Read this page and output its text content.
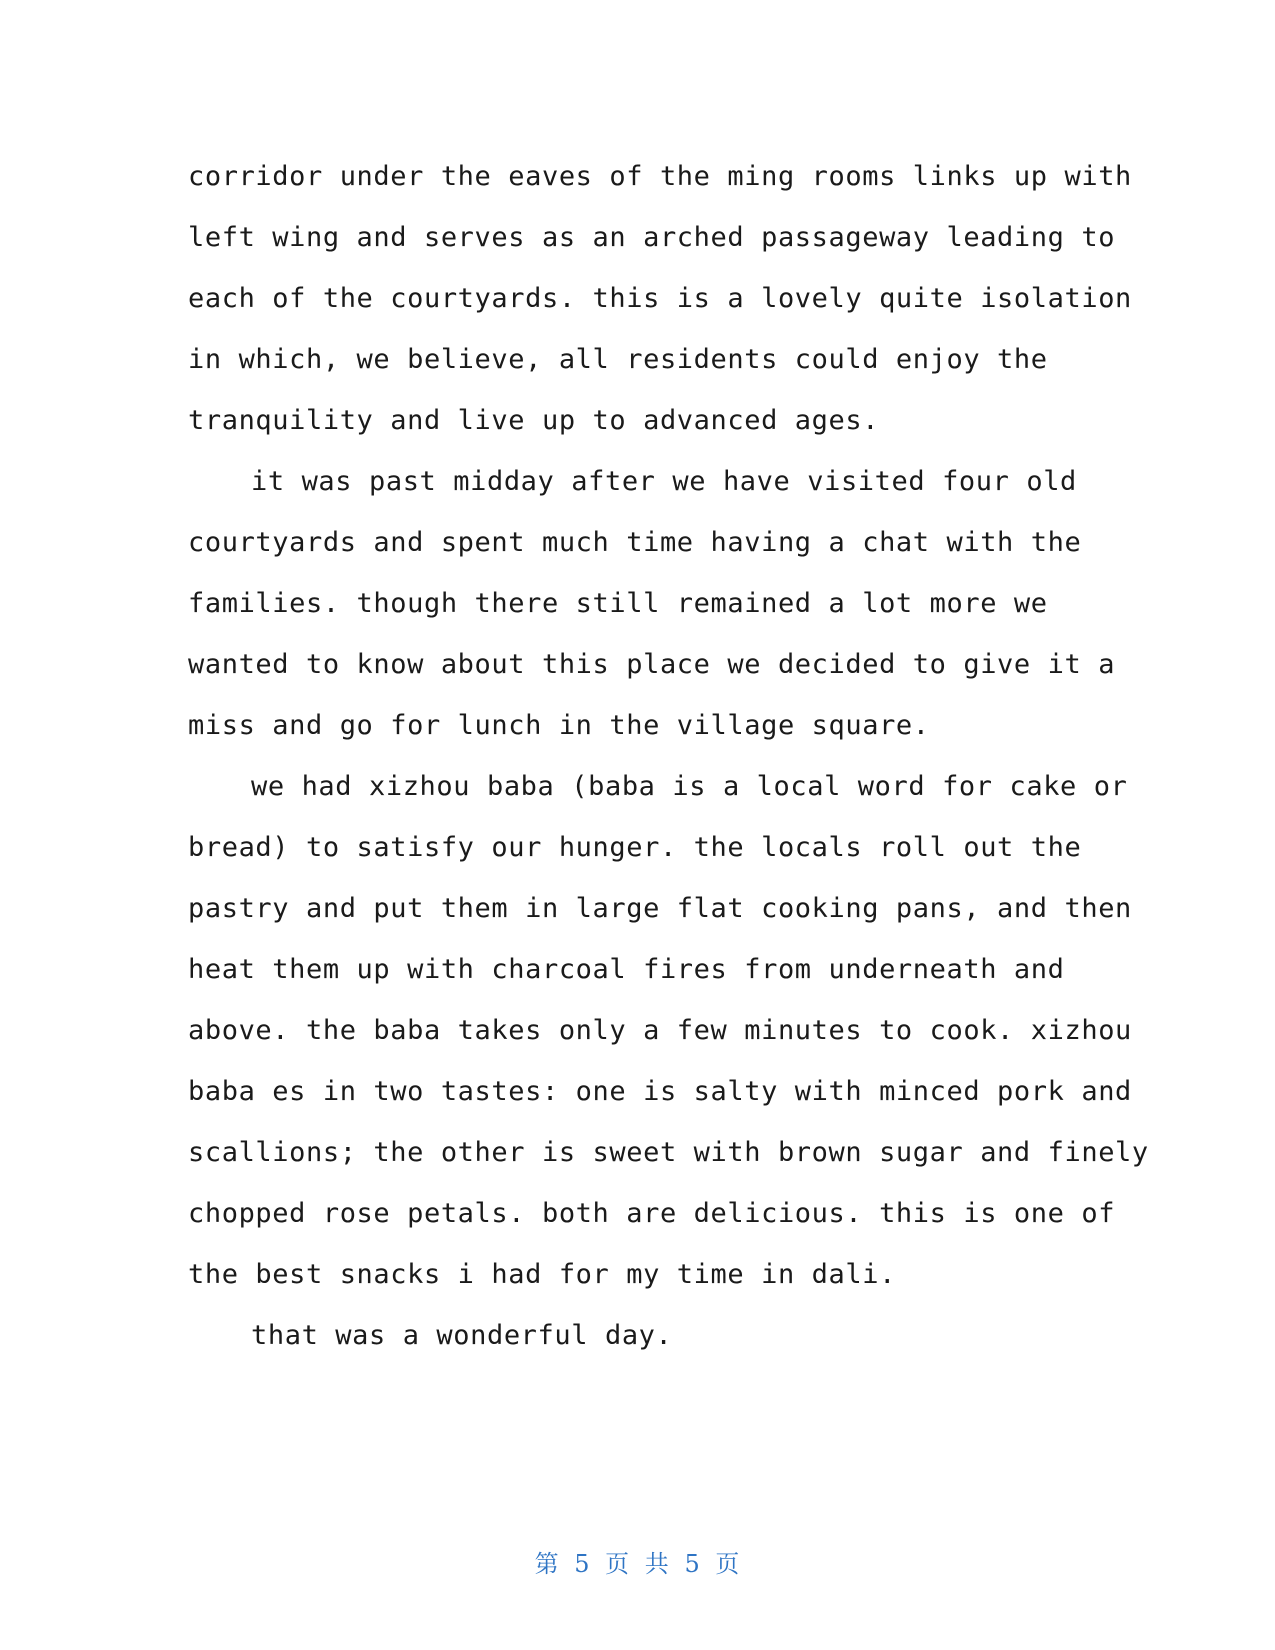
corridor under the eaves of the ming rooms links up with
left wing and serves as an arched passageway leading to
each of the courtyards. this is a lovely quite isolation
in which, we believe, all residents could enjoy the
tranquility and live up to advanced ages.
it was past midday after we have visited four old
courtyards and spent much time having a chat with the
families. though there still remained a lot more we
wanted to know about this place we decided to give it a
miss and go for lunch in the village square.
we had xizhou baba (baba is a local word for cake or
bread) to satisfy our hunger. the locals roll out the
pastry and put them in large flat cooking pans, and then
heat them up with charcoal fires from underneath and
above. the baba takes only a few minutes to cook. xizhou
baba es in two tastes: one is salty with minced pork and
scallions; the other is sweet with brown sugar and finely
chopped rose petals. both are delicious. this is one of
the best snacks i had for my time in dali.
that was a wonderful day.
第 5 页 共 5 页
